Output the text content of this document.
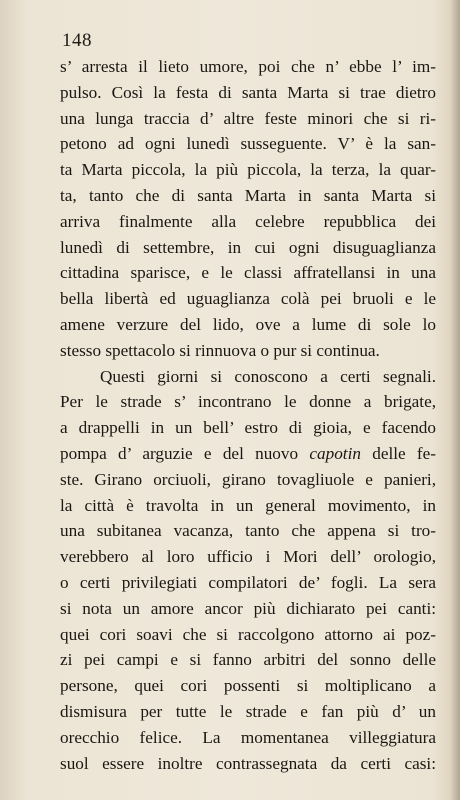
148
s’ arresta il lieto umore, poi che n’ ebbe l’ im-
pulso. Così la festa di santa Marta si trae dietro
una lunga traccia d’ altre feste minori che si ri-
petono ad ogni lunedì susseguente. V’ è la san-
ta Marta piccola, la più piccola, la terza, la quar-
ta, tanto che di santa Marta in santa Marta si
arriva finalmente alla celebre repubblica dei
lunedì di settembre, in cui ogni disuguaglianza
cittadina sparisce, e le classi affratellansi in una
bella libertà ed uguaglianza colà pei bruoli e le
amene verzure del lido, ove a lume di sole lo
stesso spettacolo si rinnuova o pur si continua.
Questi giorni si conoscono a certi segnali.
Per le strade s’ incontrano le donne a brigate,
a drappelli in un bell’ estro di gioia, e facendo
pompa d’ arguzie e del nuovo capotin delle fe-
ste. Girano orciuoli, girano tovagliuole e panieri,
la città è travolta in un general movimento, in
una subitanea vacanza, tanto che appena si tro-
verebbero al loro ufficio i Mori dell’ orologio,
o certi privilegiati compilatori de’ fogli. La sera
si nota un amore ancor più dichiarato pei canti:
quei cori soavi che si raccolgono attorno ai poz-
zi pei campi e si fanno arbitri del sonno delle
persone, quei cori possenti si moltiplicano a
dismisura per tutte le strade e fan più d’ un
orecchio felice. La momentanea villeggiatura
suol essere inoltre contrassegnata da certi casi:
